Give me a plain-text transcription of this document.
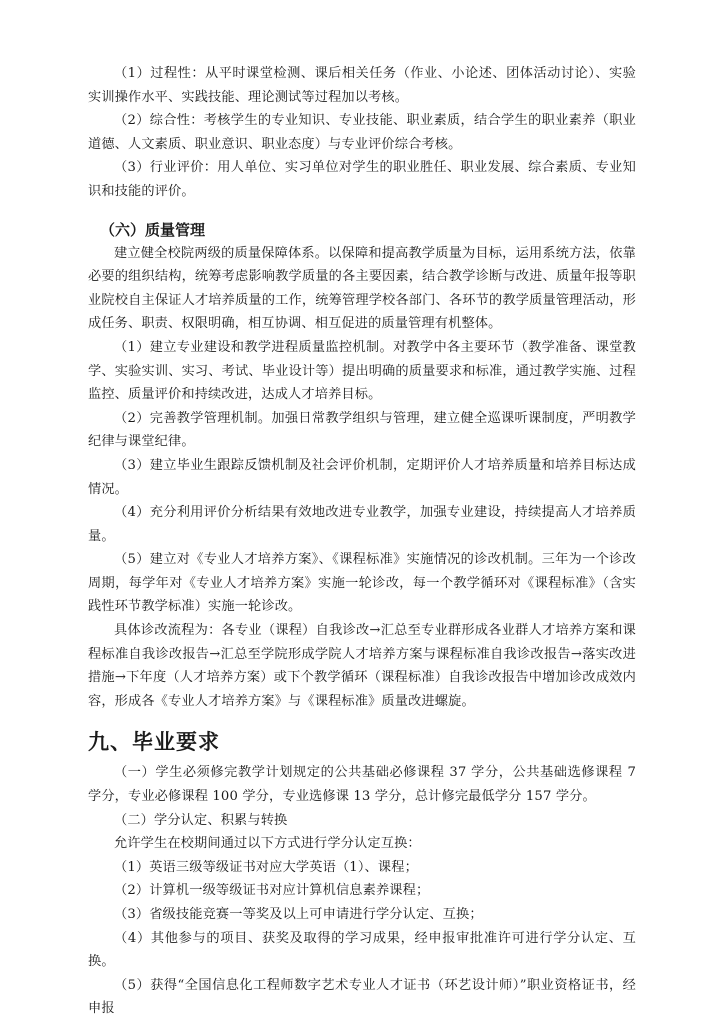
（1）过程性：从平时课堂检测、课后相关任务（作业、小论述、团体活动讨论）、实验实训操作水平、实践技能、理论测试等过程加以考核。

（2）综合性：考核学生的专业知识、专业技能、职业素质，结合学生的职业素养（职业道德、人文素质、职业意识、职业态度）与专业评价综合考核。

（3）行业评价：用人单位、实习单位对学生的职业胜任、职业发展、综合素质、专业知识和技能的评价。

（六）质量管理

建立健全校院两级的质量保障体系。以保障和提高教学质量为目标，运用系统方法，依靠必要的组织结构，统筹考虑影响教学质量的各主要因素，结合教学诊断与改进、质量年报等职业院校自主保证人才培养质量的工作，统筹管理学校各部门、各环节的教学质量管理活动，形成任务、职责、权限明确，相互协调、相互促进的质量管理有机整体。

（1）建立专业建设和教学进程质量监控机制。对教学中各主要环节（教学准备、课堂教学、实验实训、实习、考试、毕业设计等）提出明确的质量要求和标准，通过教学实施、过程监控、质量评价和持续改进，达成人才培养目标。

（2）完善教学管理机制。加强日常教学组织与管理，建立健全巡课听课制度，严明教学纪律与课堂纪律。

（3）建立毕业生跟踪反馈机制及社会评价机制，定期评价人才培养质量和培养目标达成情况。

（4）充分利用评价分析结果有效地改进专业教学，加强专业建设，持续提高人才培养质量。

（5）建立对《专业人才培养方案》、《课程标准》实施情况的诊改机制。三年为一个诊改周期，每学年对《专业人才培养方案》实施一轮诊改，每一个教学循环对《课程标准》（含实践性环节教学标准）实施一轮诊改。

具体诊改流程为：各专业（课程）自我诊改→汇总至专业群形成各业群人才培养方案和课程标准自我诊改报告→汇总至学院形成学院人才培养方案与课程标准自我诊改报告→落实改进措施→下年度（人才培养方案）或下个教学循环（课程标准）自我诊改报告中增加诊改成效内容，形成各《专业人才培养方案》与《课程标准》质量改进螺旋。

九、毕业要求

（一）学生必须修完教学计划规定的公共基础必修课程 37 学分，公共基础选修课程 7 学分，专业必修课程 100 学分，专业选修课 13 学分，总计修完最低学分 157 学分。

（二）学分认定、积累与转换

允许学生在校期间通过以下方式进行学分认定互换：

（1）英语三级等级证书对应大学英语（1）、课程；

（2）计算机一级等级证书对应计算机信息素养课程；

（3）省级技能竞赛一等奖及以上可申请进行学分认定、互换；

（4）其他参与的项目、获奖及取得的学习成果，经申报审批准许可进行学分认定、互换。

（5）获得“全国信息化工程师数字艺术专业人才证书（环艺设计师）”职业资格证书，经申报
